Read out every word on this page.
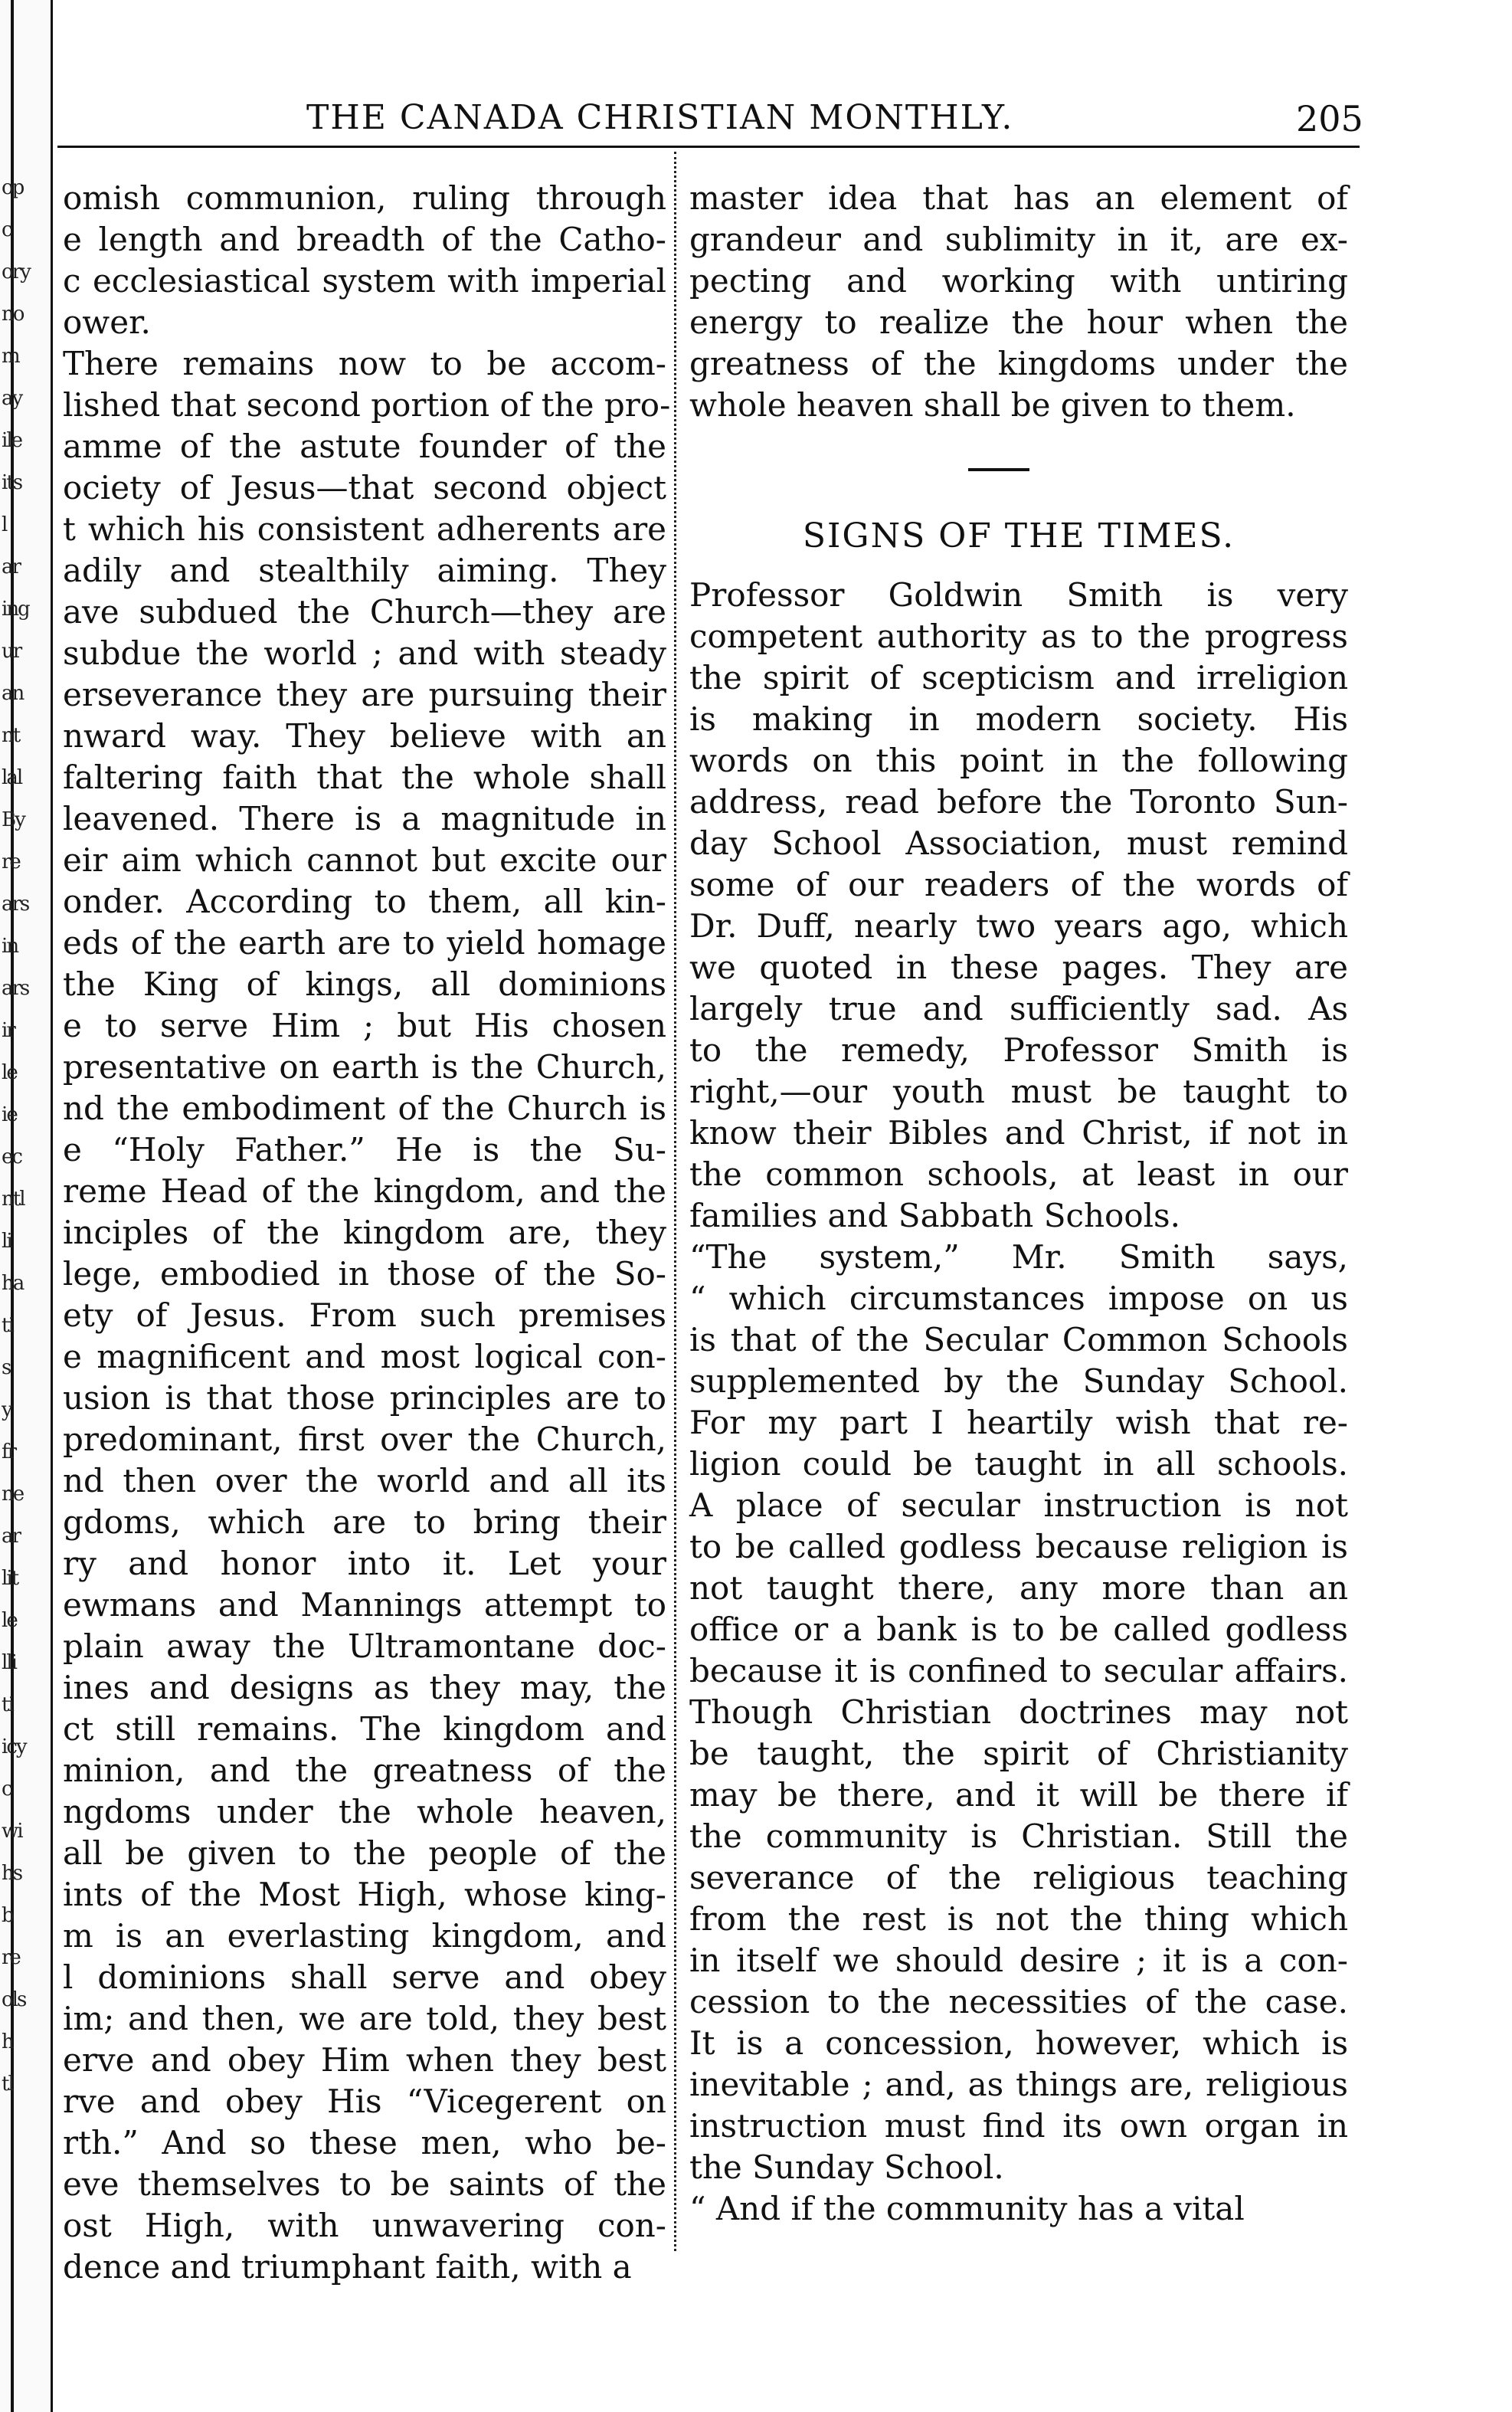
op
c
ory
no
m
ay
ile
its
l
ar
ing
ur
an
nt
lal
By
re
ars
in
ars
ir
le
ie
ec
ntl
li
ha
ti
s
y
fr
ne
ar
lit
le
lli
ti
icy
c
wi
hs
b
re
ols
h
tl
THE CANADA CHRISTIAN MONTHLY.	205
omish communion, ruling through
e length and breadth of the Catho-
c ecclesiastical system with imperial
ower.
There remains now to be accom-
lished that second portion of the pro-
amme of the astute founder of the
ociety of Jesus—that second object
t which his consistent adherents are
adily and stealthily aiming. They
ave subdued the Church—they are
subdue the world ; and with steady
erseverance they are pursuing their
nward way. They believe with an
faltering faith that the whole shall
leavened. There is a magnitude in
eir aim which cannot but excite our
onder. According to them, all kin-
eds of the earth are to yield homage
the King of kings, all dominions
e to serve Him ; but His chosen
presentative on earth is the Church,
nd the embodiment of the Church is
e “Holy Father.” He is the Su-
reme Head of the kingdom, and the
inciples of the kingdom are, they
lege, embodied in those of the So-
ety of Jesus. From such premises
e magnificent and most logical con-
usion is that those principles are to
predominant, first over the Church,
nd then over the world and all its
gdoms, which are to bring their
ry and honor into it. Let your
ewmans and Mannings attempt to
plain away the Ultramontane doc-
ines and designs as they may, the
ct still remains. The kingdom and
minion, and the greatness of the
ngdoms under the whole heaven,
all be given to the people of the
ints of the Most High, whose king-
m is an everlasting kingdom, and
l dominions shall serve and obey
im; and then, we are told, they best
erve and obey Him when they best
rve and obey His “Vicegerent on
rth.” And so these men, who be-
eve themselves to be saints of the
ost High, with unwavering con-
dence and triumphant faith, with a
master idea that has an element of
grandeur and sublimity in it, are ex-
pecting and working with untiring
energy to realize the hour when the
greatness of the kingdoms under the
whole heaven shall be given to them.
SIGNS OF THE TIMES.
Professor Goldwin Smith is very
competent authority as to the progress
the spirit of scepticism and irreligion
is making in modern society. His
words on this point in the following
address, read before the Toronto Sun-
day School Association, must remind
some of our readers of the words of
Dr. Duff, nearly two years ago, which
we quoted in these pages. They are
largely true and sufficiently sad. As
to the remedy, Professor Smith is
right,—our youth must be taught to
know their Bibles and Christ, if not in
the common schools, at least in our
families and Sabbath Schools.
“The system,” Mr. Smith says,
“ which circumstances impose on us
is that of the Secular Common Schools
supplemented by the Sunday School.
For my part I heartily wish that re-
ligion could be taught in all schools.
A place of secular instruction is not
to be called godless because religion is
not taught there, any more than an
office or a bank is to be called godless
because it is confined to secular affairs.
Though Christian doctrines may not
be taught, the spirit of Christianity
may be there, and it will be there if
the community is Christian. Still the
severance of the religious teaching
from the rest is not the thing which
in itself we should desire ; it is a con-
cession to the necessities of the case.
It is a concession, however, which is
inevitable ; and, as things are, religious
instruction must find its own organ in
the Sunday School.
“ And if the community has a vital
